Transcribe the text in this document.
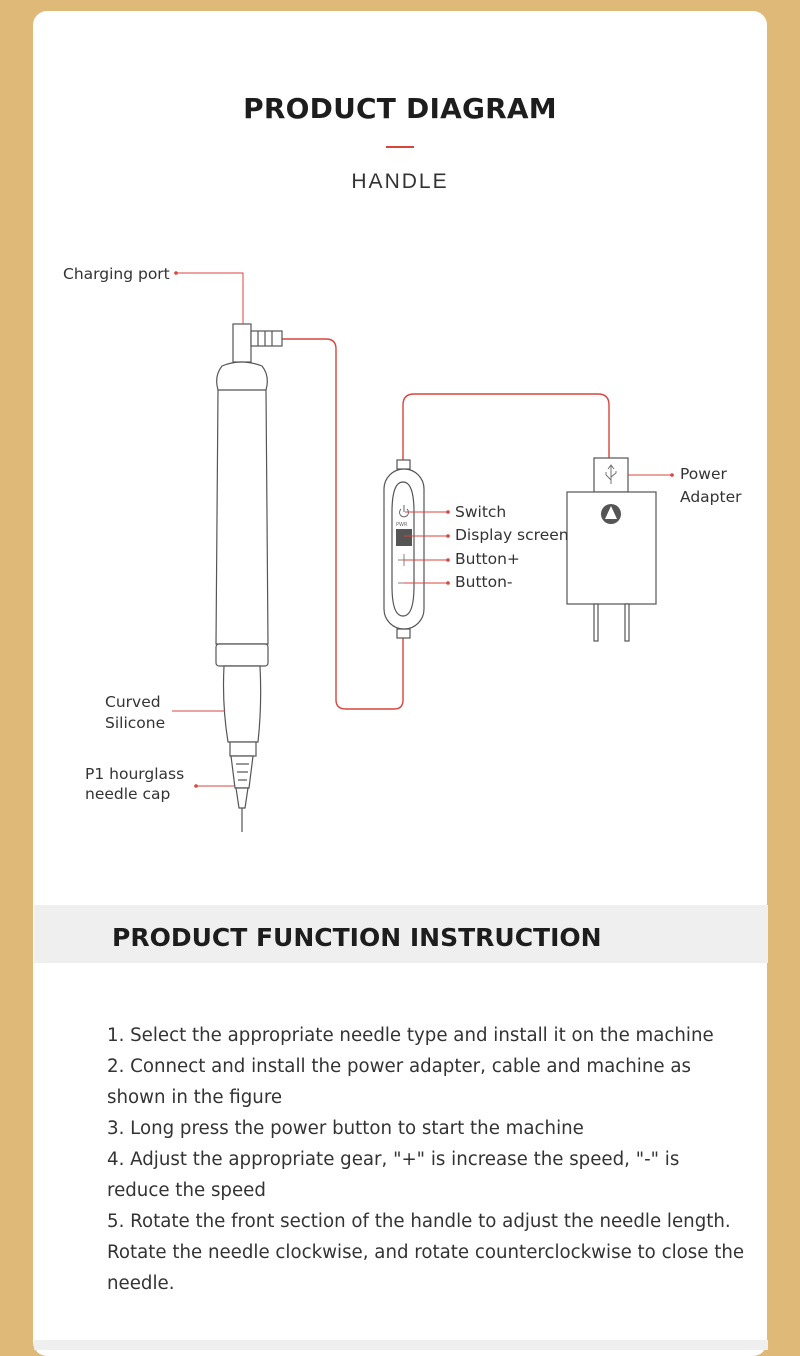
PRODUCT DIAGRAM
HANDLE
PWR
Charging port
Switch
Display screen
Button+
Button-
Power
Adapter
Curved
Silicone
P1 hourglass
needle cap
PRODUCT FUNCTION INSTRUCTION
1. Select the appropriate needle type and install it on the machine
2. Connect and install the power adapter, cable and machine as shown in the figure
3. Long press the power button to start the machine
4. Adjust the appropriate gear, "+" is increase the speed, "-" is reduce the speed
5. Rotate the front section of the handle to adjust the needle length. Rotate the needle clockwise, and rotate counterclockwise to close the needle.
